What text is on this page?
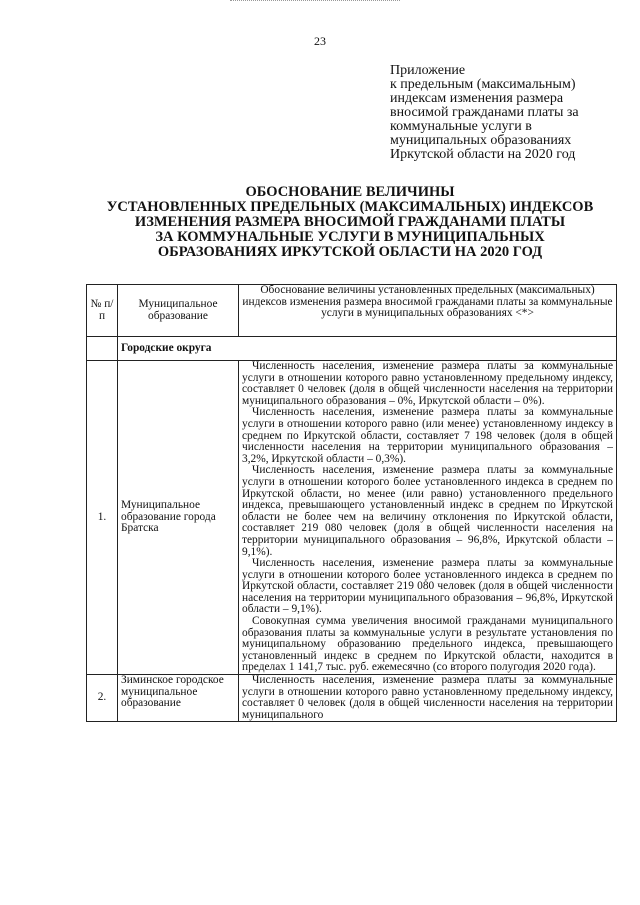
23
Приложение
к предельным (максимальным)
индексам изменения размера
вносимой гражданами платы за
коммунальные услуги в
муниципальных образованиях
Иркутской области на 2020 год
ОБОСНОВАНИЕ ВЕЛИЧИНЫ
УСТАНОВЛЕННЫХ ПРЕДЕЛЬНЫХ (МАКСИМАЛЬНЫХ) ИНДЕКСОВ
ИЗМЕНЕНИЯ РАЗМЕРА ВНОСИМОЙ ГРАЖДАНАМИ ПЛАТЫ
ЗА КОММУНАЛЬНЫЕ УСЛУГИ В МУНИЦИПАЛЬНЫХ
ОБРАЗОВАНИЯХ ИРКУТСКОЙ ОБЛАСТИ НА 2020 ГОД
№ п/п	Муниципальное образование	Обоснование величины установленных предельных (максимальных) индексов изменения размера вносимой гражданами платы за коммунальные услуги в муниципальных образованиях <*>
	Городские округа	
1.	Муниципальное образование города Братска	Численность населения, изменение размера платы за коммунальные услуги в отношении которого равно установленному предельному индексу, составляет 0 человек (доля в общей численности населения на территории муниципального образования – 0%, Иркутской области – 0%).

Численность населения, изменение размера платы за коммунальные услуги в отношении которого равно (или менее) установленному индексу в среднем по Иркутской области, составляет 7 198 человек (доля в общей численности населения на территории муниципального образования – 3,2%, Иркутской области – 0,3%).

Численность населения, изменение размера платы за коммунальные услуги в отношении которого более установленного индекса в среднем по Иркутской области, но менее (или равно) установленного предельного индекса, превышающего установленный индекс в среднем по Иркутской области не более чем на величину отклонения по Иркутской области, составляет 219 080 человек (доля в общей численности населения на территории муниципального образования – 96,8%, Иркутской области – 9,1%).

Численность населения, изменение размера платы за коммунальные услуги в отношении которого более установленного индекса в среднем по Иркутской области, составляет 219 080 человек (доля в общей численности населения на территории муниципального образования – 96,8%, Иркутской области – 9,1%).

Совокупная сумма увеличения вносимой гражданами муниципального образования платы за коммунальные услуги в результате установления по муниципальному образованию предельного индекса, превышающего установленный индекс в среднем по Иркутской области, находится в пределах 1 141,7 тыс. руб. ежемесячно (со второго полугодия 2020 года).

2.	Зиминское городское муниципальное образование	Численность населения, изменение размера платы за коммунальные услуги в отношении которого равно установленному предельному индексу, составляет 0 человек (доля в общей численности населения на территории муниципального
